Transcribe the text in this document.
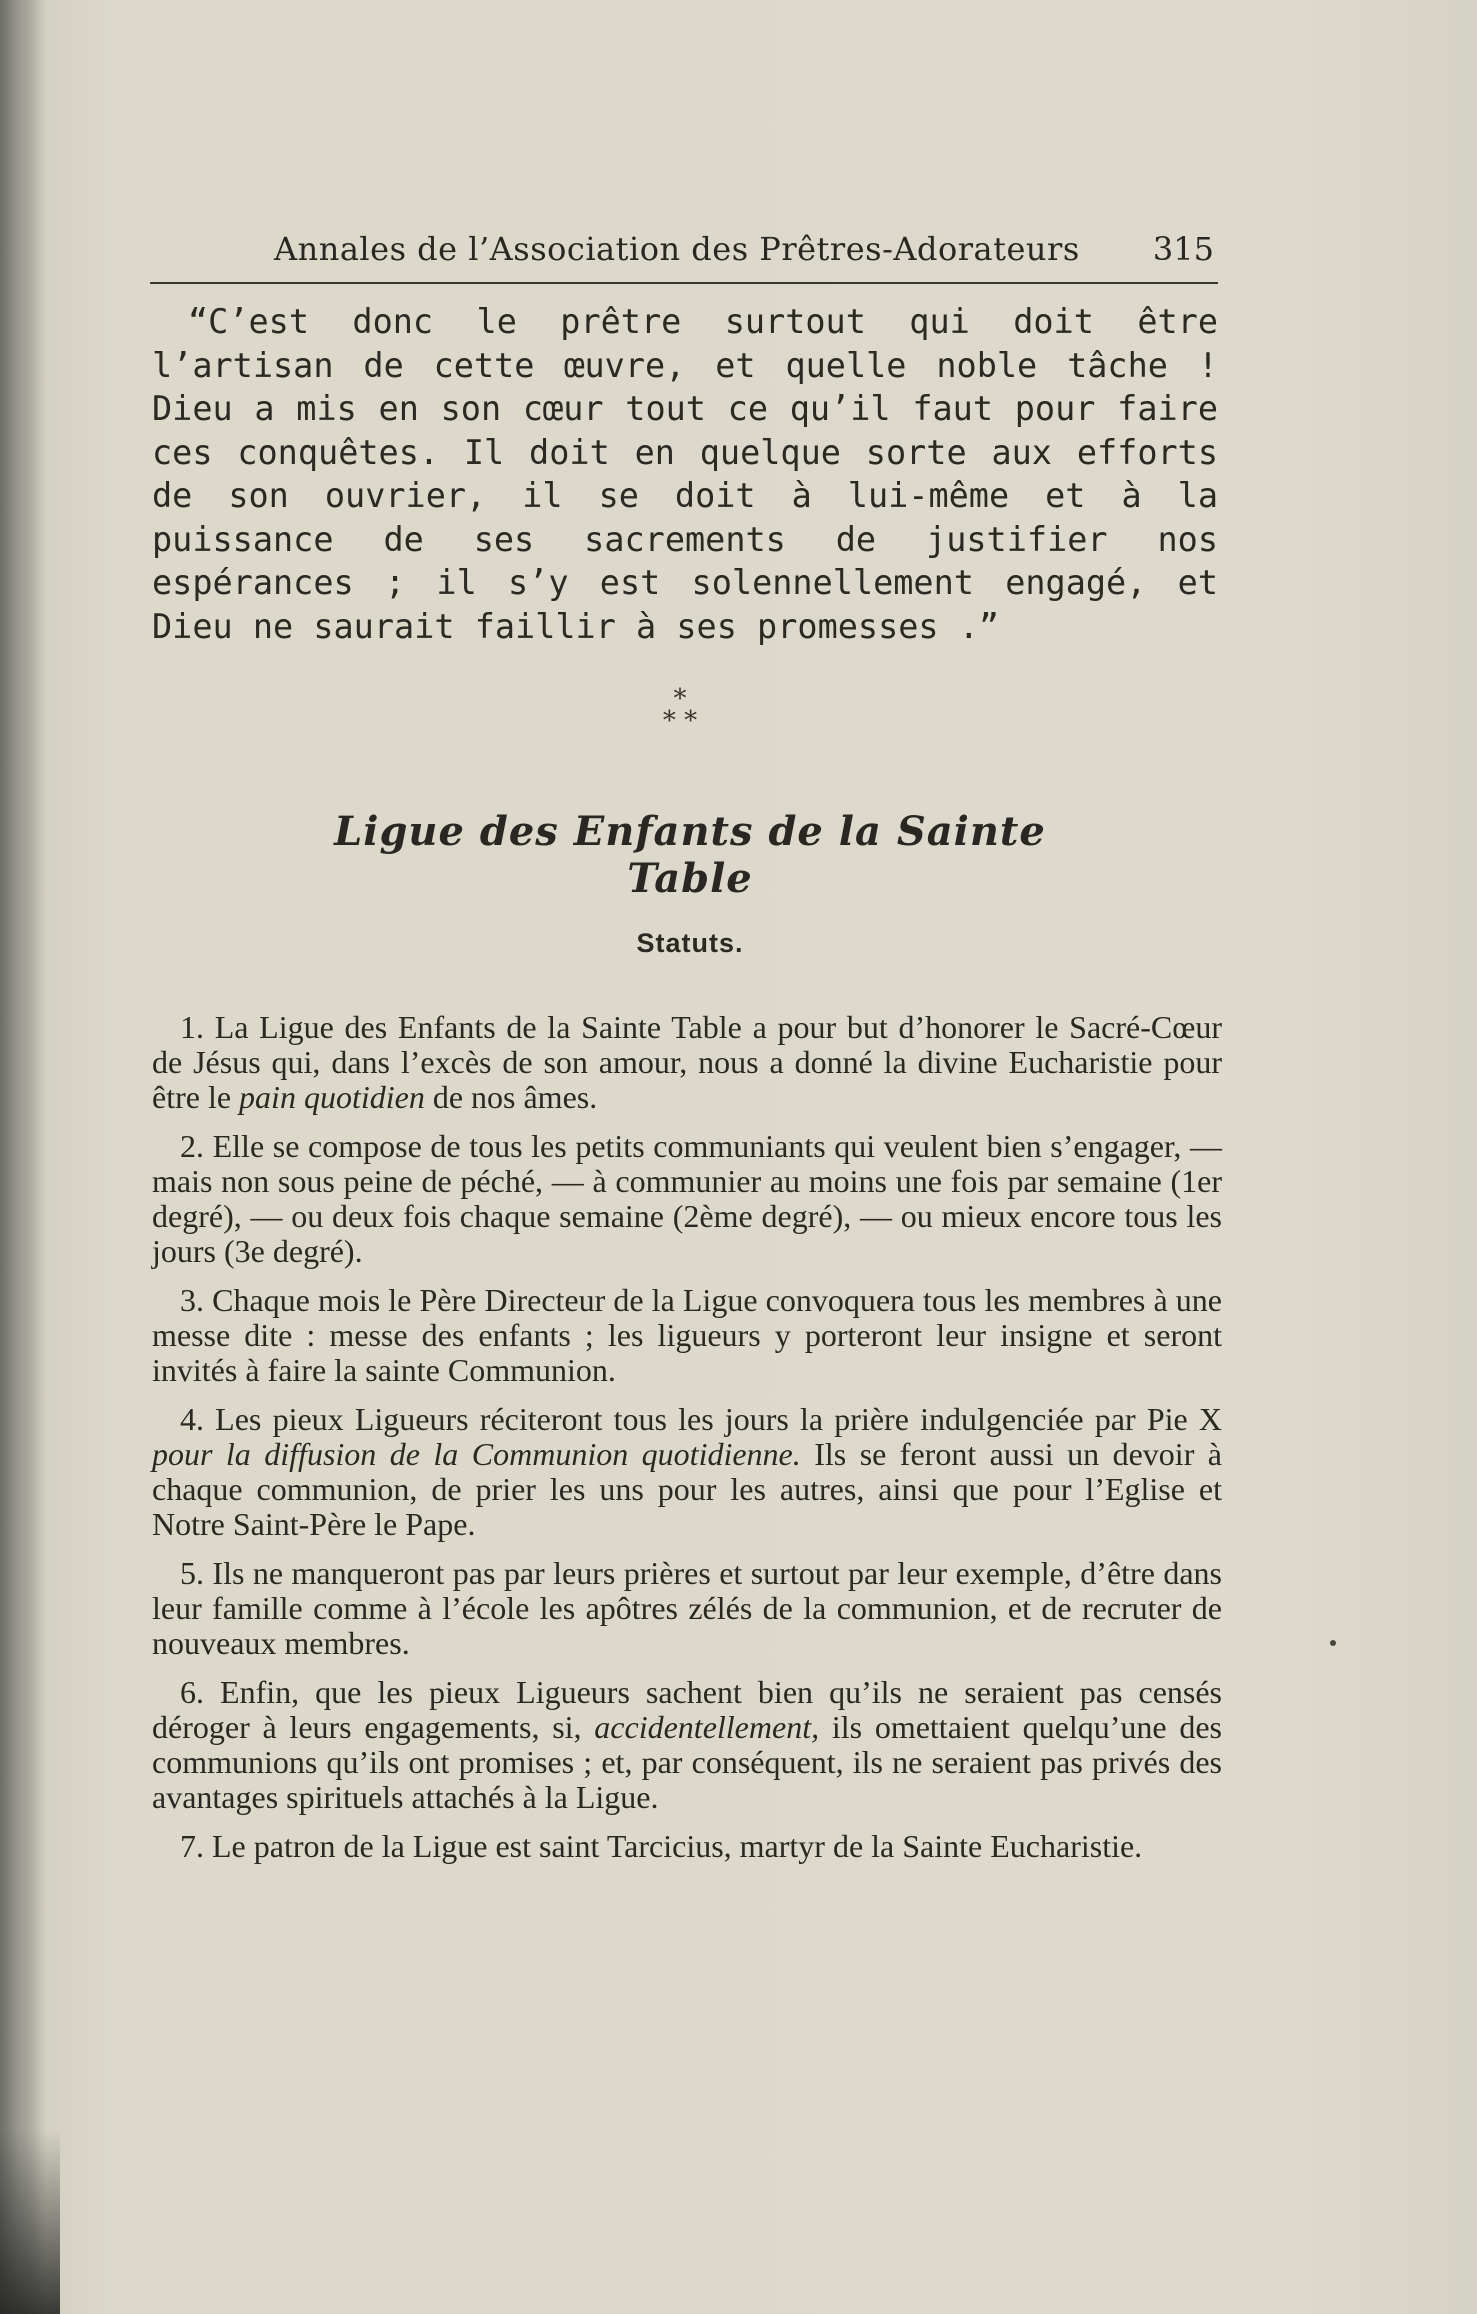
Annales de l’Association des Prêtres-Adorateurs 315

“C’est donc le prêtre surtout qui doit être l’artisan de cette œuvre, et quelle noble tâche ! Dieu a mis en son cœur tout ce qu’il faut pour faire ces conquêtes. Il doit en quelque sorte aux efforts de son ouvrier, il se doit à lui-même et à la puissance de ses sacrements de justifier nos espérances ; il s’y est solennellement engagé, et Dieu ne saurait faillir à ses promesses .”

*
* *
Ligue des Enfants de la Sainte Table
Statuts.

1. La Ligue des Enfants de la Sainte Table a pour but d’honorer le Sacré-Cœur de Jésus qui, dans l’excès de son amour, nous a donné la divine Eucharistie pour être le pain quotidien de nos âmes.

2. Elle se compose de tous les petits communiants qui veulent bien s’engager, — mais non sous peine de péché, — à communier au moins une fois par semaine (1er degré), — ou deux fois chaque semaine (2ème degré), — ou mieux encore tous les jours (3e degré).

3. Chaque mois le Père Directeur de la Ligue convoquera tous les membres à une messe dite : messe des enfants ; les ligueurs y porteront leur insigne et seront invités à faire la sainte Communion.

4. Les pieux Ligueurs réciteront tous les jours la prière indulgenciée par Pie X pour la diffusion de la Communion quotidienne. Ils se feront aussi un devoir à chaque communion, de prier les uns pour les autres, ainsi que pour l’Eglise et Notre Saint-Père le Pape.

5. Ils ne manqueront pas par leurs prières et surtout par leur exemple, d’être dans leur famille comme à l’école les apôtres zélés de la communion, et de recruter de nouveaux membres.

6. Enfin, que les pieux Ligueurs sachent bien qu’ils ne seraient pas censés déroger à leurs engagements, si, accidentellement, ils omettaient quelqu’une des communions qu’ils ont promises ; et, par conséquent, ils ne seraient pas privés des avantages spirituels attachés à la Ligue.

7. Le patron de la Ligue est saint Tarcicius, martyr de la Sainte Eucharistie.
